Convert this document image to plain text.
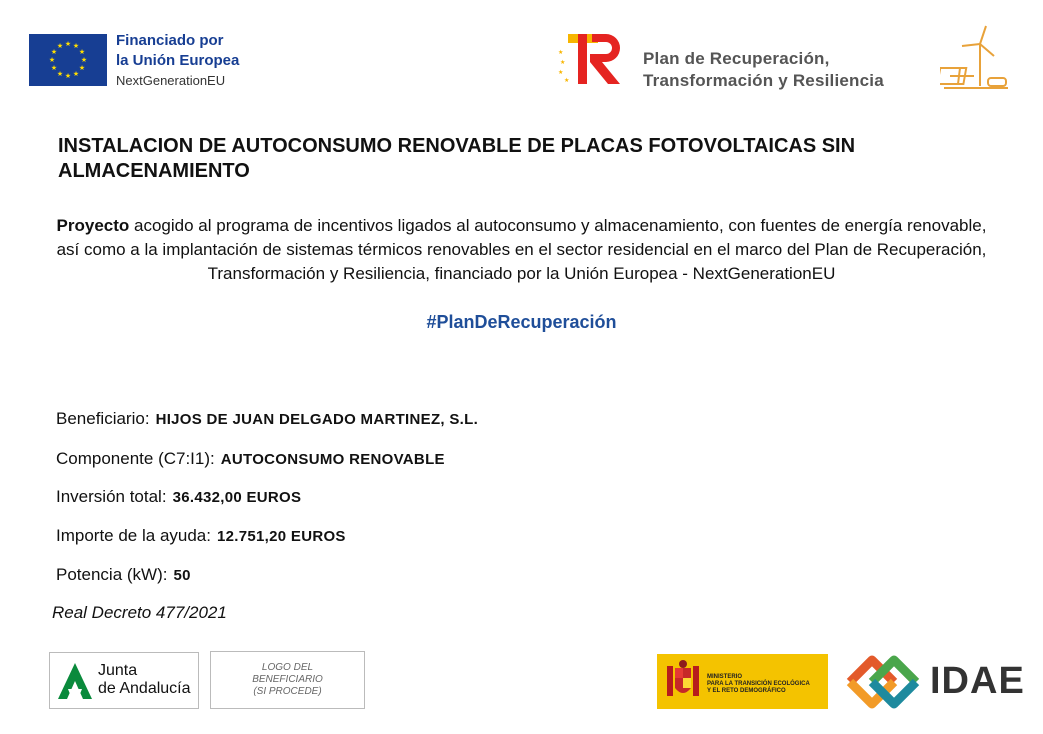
★ ★
★
★
★
★
★
★
★
★
★
★	Financiado por
la Unión Europea
NextGenerationEU
★
★
★
★
Plan de Recuperación,
Transformación y Resiliencia
INSTALACION DE AUTOCONSUMO RENOVABLE DE PLACAS FOTOVOLTAICAS SIN ALMACENAMIENTO
Proyecto acogido al programa de incentivos ligados al autoconsumo y almacenamiento, con fuentes de energía renovable, así como a la implantación de sistemas térmicos renovables en el sector residencial en el marco del Plan de Recuperación, Transformación y Resiliencia, financiado por la Unión Europea - NextGenerationEU
#PlanDeRecuperación
Beneficiario: HIJOS DE JUAN DELGADO MARTINEZ, S.L.
Componente (C7:I1): AUTOCONSUMO RENOVABLE
Inversión total: 36.432,00 EUROS
Importe de la ayuda: 12.751,20 EUROS
Potencia (kW): 50
Real Decreto 477/2021
Junta
de Andalucía
LOGO DEL
BENEFICIARIO
(SI PROCEDE)
MINISTERIO
PARA LA TRANSICIÓN ECOLÓGICA
Y EL RETO DEMOGRÁFICO	IDAE
